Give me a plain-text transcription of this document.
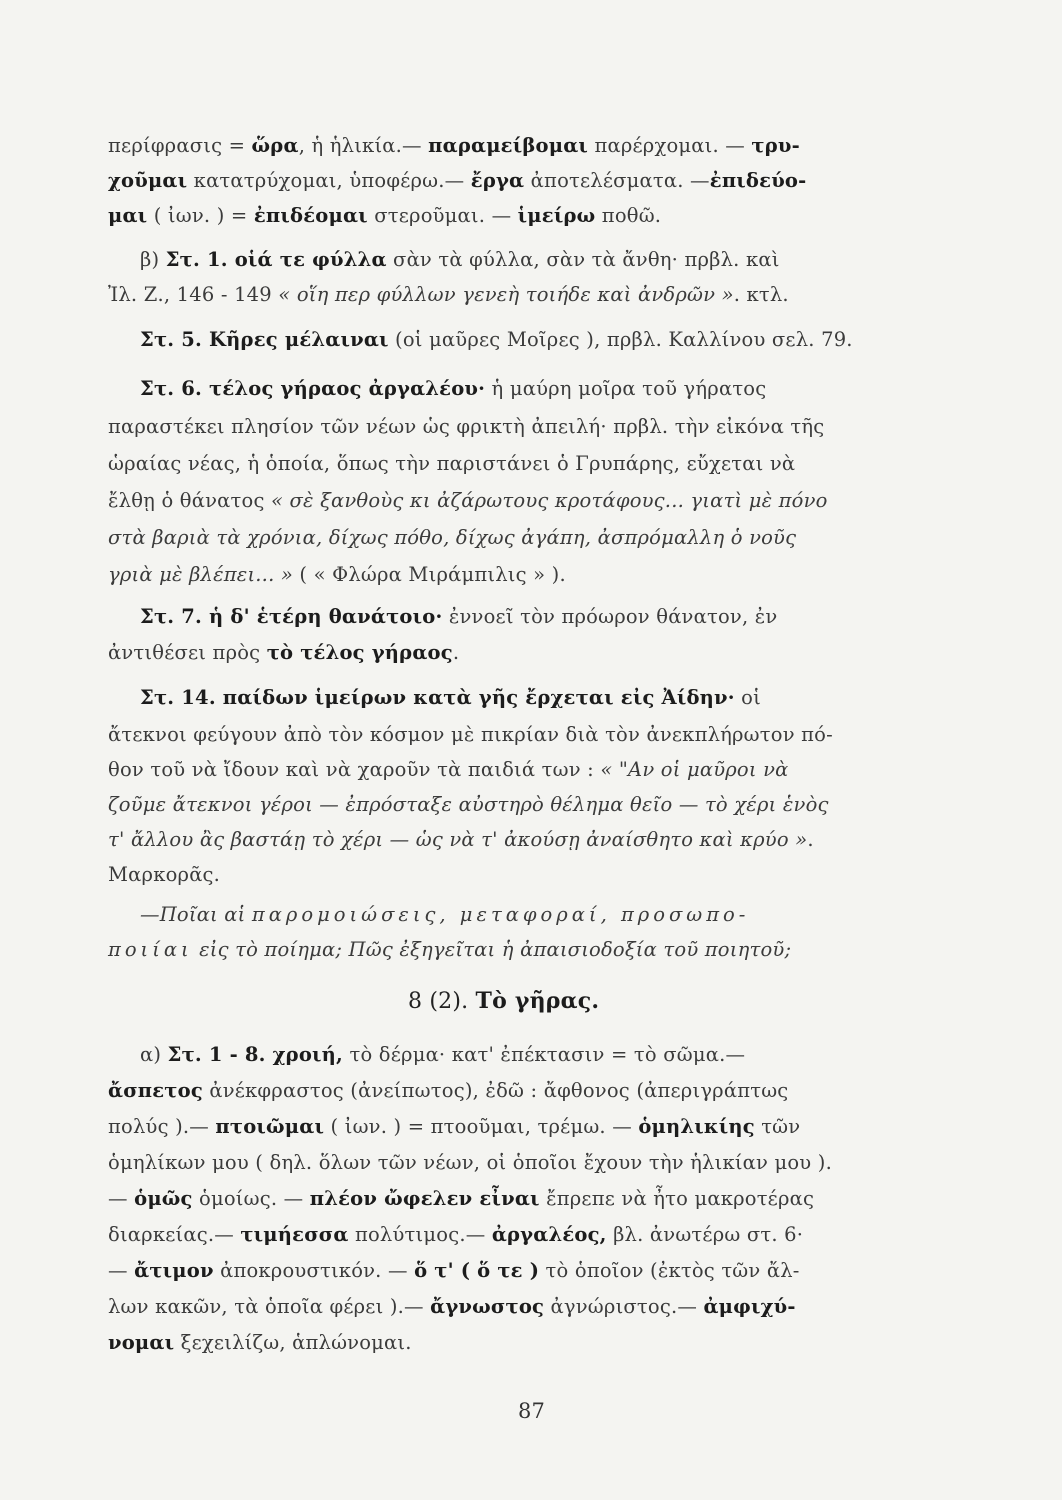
περίφρασις = ὥρα, ἡ ἡλικία.— παραμείβομαι παρέρχομαι. — τρυ-
χοῦμαι κατατρύχομαι, ὑποφέρω.— ἔργα ἀποτελέσματα. —ἐπιδεύο-
μαι ( ἰων. ) = ἐπιδέομαι στεροῦμαι. — ἱμείρω ποθῶ.
β) Στ. 1. οἱά τε φύλλα σὰν τὰ φύλλα, σὰν τὰ ἄνθη· πρβλ. καὶ
Ἰλ. Ζ., 146 - 149 « οἵη περ φύλλων γενεὴ τοιήδε καὶ ἀνδρῶν ». κτλ.
Στ. 5. Κῆρες μέλαιναι (οἱ μαῦρες Μοῖρες ), πρβλ. Καλλίνου σελ. 79.
Στ. 6. τέλος γήραος ἀργαλέου· ἡ μαύρη μοῖρα τοῦ γήρατος
παραστέκει πλησίον τῶν νέων ὡς φρικτὴ ἀπειλή· πρβλ. τὴν εἰκόνα τῆς
ὡραίας νέας, ἡ ὁποία, ὅπως τὴν παριστάνει ὁ Γρυπάρης, εὔχεται νὰ
ἔλθῃ ὁ θάνατος « σὲ ξανθοὺς κι ἀζάρωτους κροτάφους... γιατὶ μὲ πόνο
στὰ βαριὰ τὰ χρόνια, δίχως πόθο, δίχως ἀγάπη, ἀσπρόμαλλη ὁ νοῦς
γριὰ μὲ βλέπει... » ( « Φλώρα Μιράμπιλις » ).
Στ. 7. ἡ δ' ἑτέρη θανάτοιο· ἐννοεῖ τὸν πρόωρον θάνατον, ἐν
ἀντιθέσει πρὸς τὸ τέλος γήραος.
Στ. 14. παίδων ἱμείρων κατὰ γῆς ἔρχεται εἰς Ἀίδην· οἱ
ἄτεκνοι φεύγουν ἀπὸ τὸν κόσμον μὲ πικρίαν διὰ τὸν ἀνεκπλήρωτον πό-
θον τοῦ νὰ ἴδουν καὶ νὰ χαροῦν τὰ παιδιά των : « "Αν οἱ μαῦροι νὰ
ζοῦμε ἄτεκνοι γέροι — ἐπρόσταξε αὐστηρὸ θέλημα θεῖο — τὸ χέρι ἑνὸς
τ' ἄλλου ἂς βαστάῃ τὸ χέρι — ὡς νὰ τ' ἀκούσῃ ἀναίσθητο καὶ κρύο ».
Μαρκορᾶς.
—Ποῖαι αἱ παρομοιώσεις, μεταφοραί, προσωπο-
ποιίαι εἰς τὸ ποίημα; Πῶς ἐξηγεῖται ἡ ἀπαισιοδοξία τοῦ ποιητοῦ;
8 (2). Τὸ γῆρας.
α) Στ. 1 - 8. χροιή, τὸ δέρμα· κατ' ἐπέκτασιν = τὸ σῶμα.—
ἄσπετος ἀνέκφραστος (ἀνείπωτος), ἐδῶ : ἄφθονος (ἀπεριγράπτως
πολύς ).— πτοιῶμαι ( ἰων. ) = πτοοῦμαι, τρέμω. — ὁμηλικίης τῶν
ὁμηλίκων μου ( δηλ. ὅλων τῶν νέων, οἱ ὁποῖοι ἔχουν τὴν ἡλικίαν μου ).
— ὁμῶς ὁμοίως. — πλέον ὤφελεν εἶναι ἔπρεπε νὰ ἦτο μακροτέρας
διαρκείας.— τιμήεσσα πολύτιμος.— ἀργαλέος, βλ. ἀνωτέρω στ. 6·
— ἄτιμον ἀποκρουστικόν. — ὅ τ' ( ὅ τε ) τὸ ὁποῖον (ἐκτὸς τῶν ἄλ-
λων κακῶν, τὰ ὁποῖα φέρει ).— ἄγνωστος ἀγνώριστος.— ἀμφιχύ-
νομαι ξεχειλίζω, ἁπλώνομαι.
87
